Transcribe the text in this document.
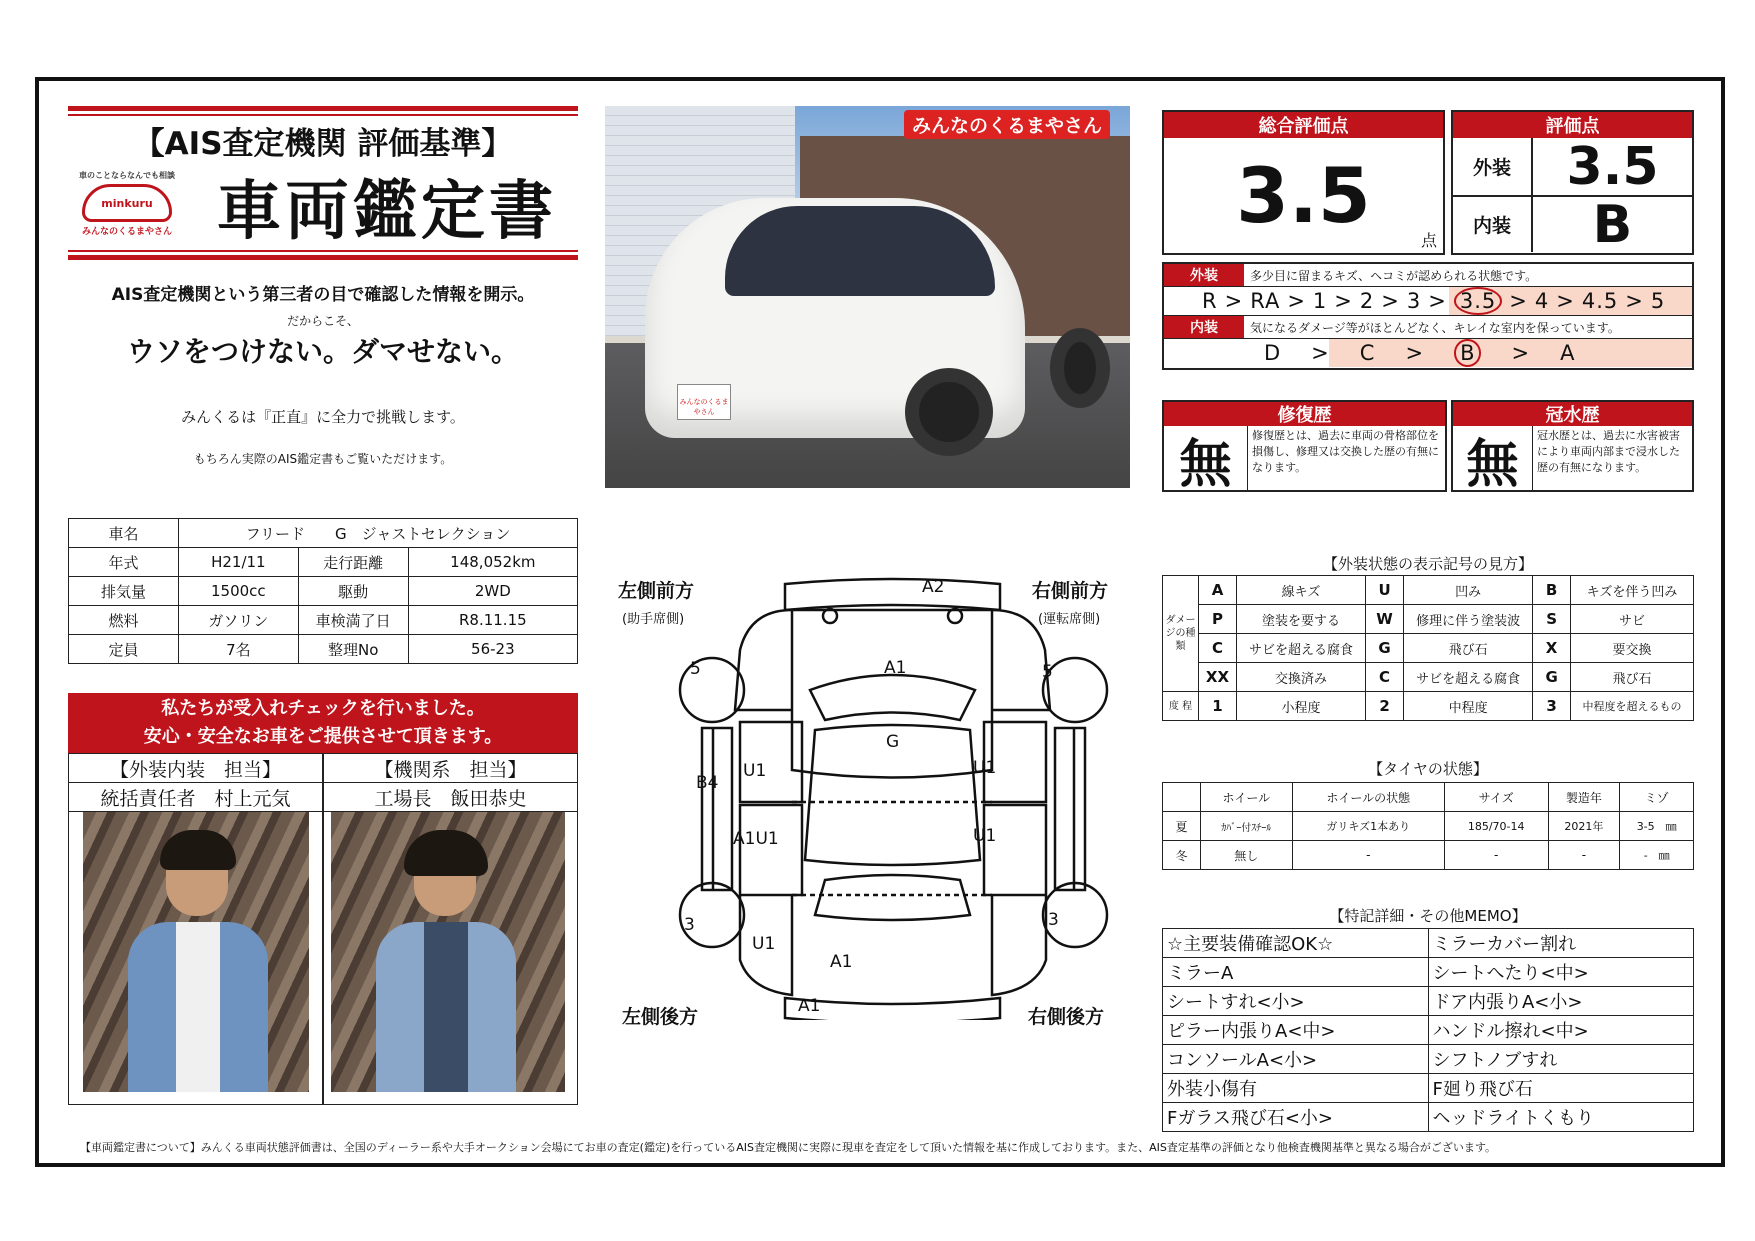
【AIS査定機関 評価基準】
車のことならなんでも相談
minkuru
みんなのくるまやさん 車両鑑定書
AIS査定機関という第三者の目で確認した情報を開示。
だからこそ、
ウソをつけない。ダマせない。
みんくるは『正直』に全力で挑戦します。
もちろん実際のAIS鑑定書もご覧いただけます。
みんなのくるまやさん
みんなのくるまやさん
総合評価点
3.5
点
評価点
外装	3.5
内装	B
外装	多少目に留まるキズ、ヘコミが認められる状態です。
R > RA > 1 > 2 > 3 > 3.5 > 4 > 4.5 > 5
内装	気になるダメージ等がほとんどなく、キレイな室内を保っています。
D > C > B > A
修復歴
無	修復歴とは、過去に車両の骨格部位を損傷し、修理又は交換した歴の有無になります。
冠水歴
無	冠水歴とは、過去に水害被害により車両内部まで浸水した歴の有無になります。
車名	フリード　　G　ジャストセレクション		
年式	H21/11	走行距離	148,052km
排気量	1500cc	駆動	2WD
燃料	ガソリン	車検満了日	R8.11.15
定員	7名	整理No	56-23
私たちが受入れチェックを行いました。
安心・安全なお車をご提供させて頂きます。
【外装内装　担当】
統括責任者　村上元気
【機関系　担当】
工場長　飯田恭史
左側前方
(助手席側)
右側前方
(運転席側)
左側後方	右側後方
A2
A1
G
U1	U1
B4
A1U1	U1
U1
A1
A1
5	5
3	3
【外装状態の表示記号の見方】
ダメージの種類	A	線キズ	U	凹み	B	キズを伴う凹み
	P	塗装を要する	W	修理に伴う塗装波	S	サビ
	C	サビを超える腐食	G	飛び石	X	要交換
	XX	交換済み	C	サビを超える腐食	G	飛び石
度 程	1	小程度	2	中程度	3	中程度を超えるもの
【タイヤの状態】
	ホイール	ホイールの状態	サイズ	製造年	ミゾ
夏	ｶﾊﾞｰ付ｽﾁｰﾙ	ガリキズ1本あり	185/70-14	2021年	3-5　㎜
冬	無し	-	-	-	-　㎜
【特記詳細・その他MEMO】
☆主要装備確認OK☆	ミラーカバー割れ
ミラーA	シートへたり<中>
シートすれ<小>	ドア内張りA<小>
ピラー内張りA<中>	ハンドル擦れ<中>
コンソールA<小>	シフトノブすれ
外装小傷有	F廻り飛び石
Fガラス飛び石<小>	ヘッドライトくもり
【車両鑑定書について】みんくる車両状態評価書は、全国のディーラー系や大手オークション会場にてお車の査定(鑑定)を行っているAIS査定機関に実際に現車を査定をして頂いた情報を基に作成しております。また、AIS査定基準の評価となり他検査機関基準と異なる場合がございます。
